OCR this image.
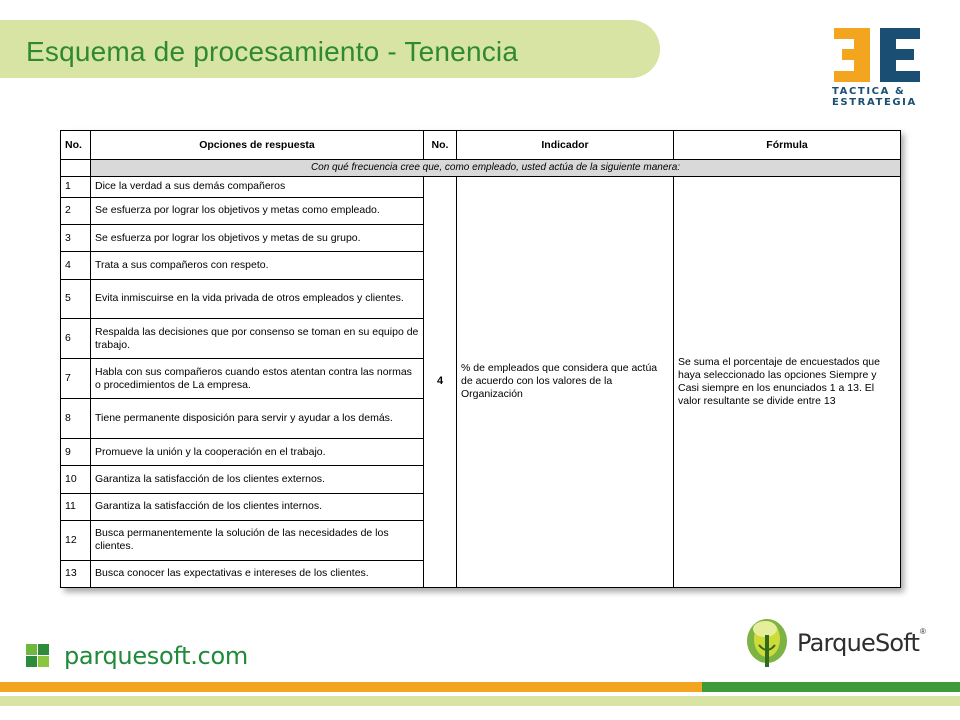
Esquema de procesamiento - Tenencia
TACTICA & ESTRATEGIA
No.	Opciones de respuesta	No.	Indicador	Fórmula
	Con qué frecuencia cree que, como empleado, usted actúa de la siguiente manera:			
1	Dice la verdad a sus demás compañeros	4	% de empleados que considera que actúa de acuerdo con los valores de la Organización	Se suma el porcentaje de encuestados que haya seleccionado las opciones Siempre y Casi siempre en los enunciados 1 a 13. El valor resultante se divide entre 13
2	Se esfuerza por lograr los objetivos y metas como empleado.			
3	Se esfuerza por lograr los objetivos y metas de su grupo.			
4	Trata a sus compañeros con respeto.			
5	Evita inmiscuirse en la vida privada de otros empleados y clientes.			
6	Respalda las decisiones que por consenso se toman en su equipo de trabajo.			
7	Habla con sus compañeros cuando estos atentan contra las normas o procedimientos de La empresa.			
8	Tiene permanente disposición para servir y ayudar a los demás.			
9	Promueve la unión y la cooperación en el trabajo.			
10	Garantiza la satisfacción de los clientes externos.			
11	Garantiza la satisfacción de los clientes internos.			
12	Busca permanentemente la solución de las necesidades de los clientes.			
13	Busca conocer las expectativas e intereses de los clientes.			
parquesoft.com	ParqueSoft ®
